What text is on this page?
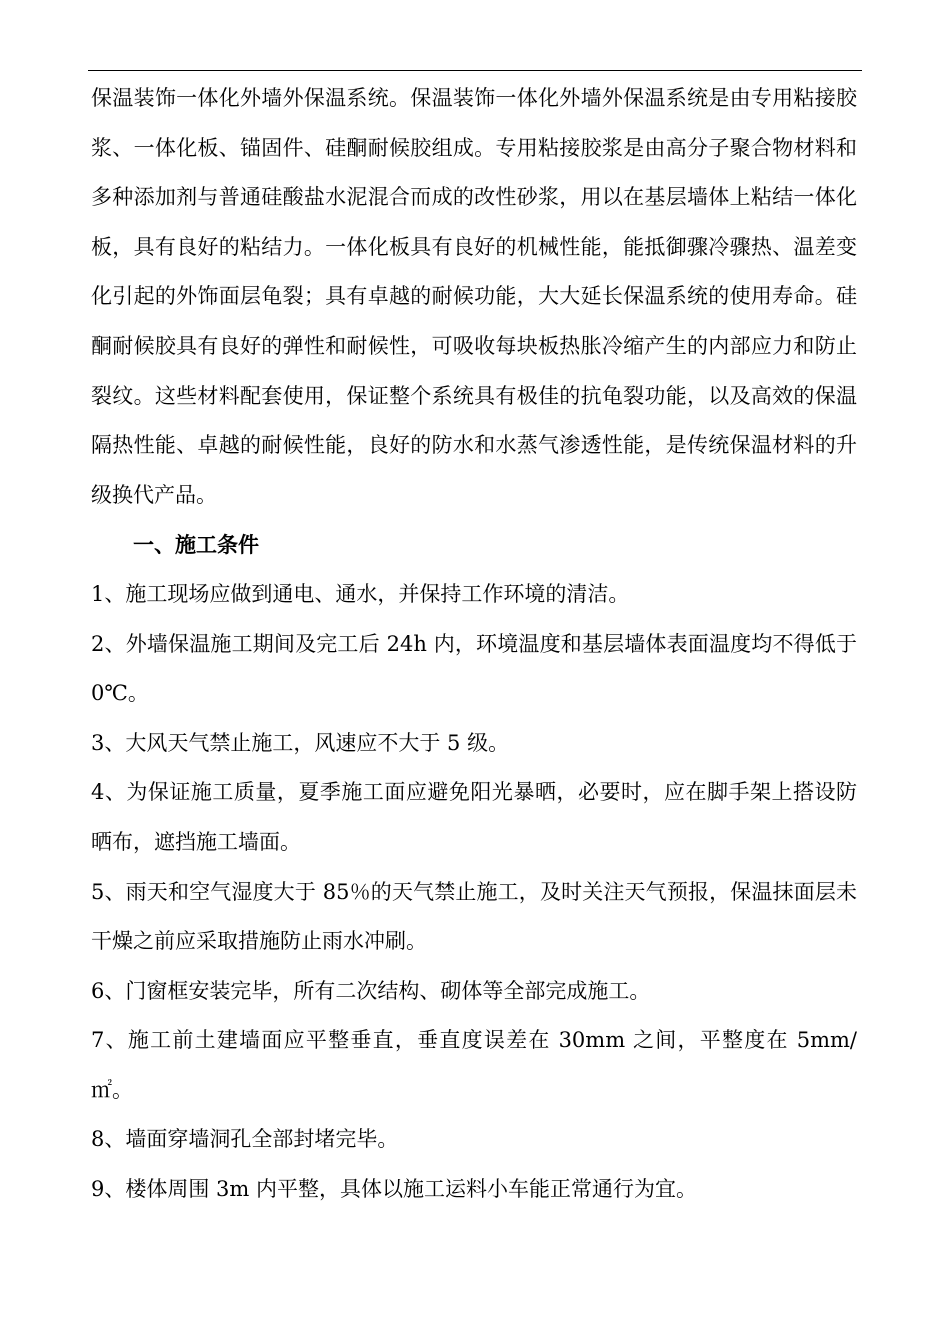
保温装饰一体化外墙外保温系统。保温装饰一体化外墙外保温系统是由专用粘接胶浆、一体化板、锚固件、硅酮耐候胶组成。专用粘接胶浆是由高分子聚合物材料和多种添加剂与普通硅酸盐水泥混合而成的改性砂浆，用以在基层墙体上粘结一体化板，具有良好的粘结力。一体化板具有良好的机械性能，能抵御骤冷骤热、温差变化引起的外饰面层龟裂；具有卓越的耐候功能，大大延长保温系统的使用寿命。硅酮耐候胶具有良好的弹性和耐候性，可吸收每块板热胀冷缩产生的内部应力和防止裂纹。这些材料配套使用，保证整个系统具有极佳的抗龟裂功能，以及高效的保温隔热性能、卓越的耐候性能，良好的防水和水蒸气渗透性能，是传统保温材料的升级换代产品。

一、施工条件

1、施工现场应做到通电、通水，并保持工作环境的清洁。

2、外墙保温施工期间及完工后 24h 内，环境温度和基层墙体表面温度均不得低于 0℃。

3、大风天气禁止施工，风速应不大于 5 级。

4、为保证施工质量，夏季施工面应避免阳光暴晒，必要时，应在脚手架上搭设防晒布，遮挡施工墙面。

5、雨天和空气湿度大于 85％的天气禁止施工，及时关注天气预报，保温抹面层未干燥之前应采取措施防止雨水冲刷。

6、门窗框安装完毕，所有二次结构、砌体等全部完成施工。

7、施工前土建墙面应平整垂直，垂直度误差在 30mm 之间，平整度在 5mm/㎡。

8、墙面穿墙洞孔全部封堵完毕。

9、楼体周围 3m 内平整，具体以施工运料小车能正常通行为宜。
